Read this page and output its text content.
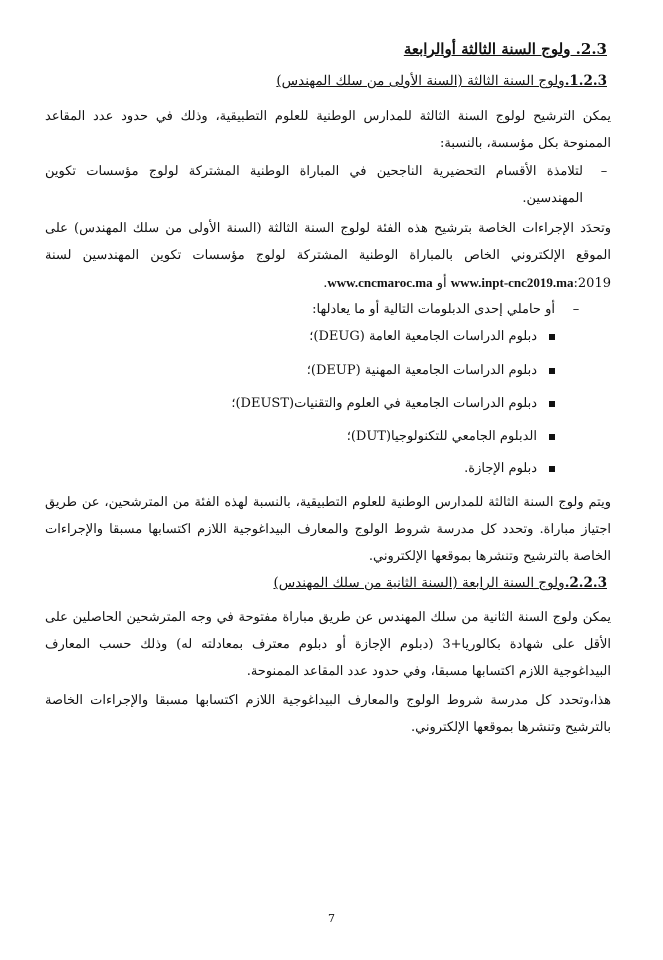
2.3. ولوج السنة الثالثة أوالرابعة
1.2.3.ولوج السنة الثالثة (السنة الأولى من سلك المهندس)
يمكن الترشيح لولوج السنة الثالثة للمدارس الوطنية للعلوم التطبيقية، وذلك في حدود عدد المقاعد الممنوحة بكل مؤسسة، بالنسبة:
–
لتلامذة الأقسام التحضيرية الناجحين في المباراة الوطنية المشتركة لولوج مؤسسات تكوين المهندسين.
وتحدَد الإجراءات الخاصة بترشيح هذه الفئة لولوج السنة الثالثة (السنة الأولى من سلك المهندس) على الموقع الإلكتروني الخاص بالمباراة الوطنية المشتركة لولوج مؤسسات تكوين المهندسين لسنة 2019:www.inpt-cnc2019.ma أو www.cncmaroc.ma.
–
أو حاملي إحدى الدبلومات التالية أو ما يعادلها:
دبلوم الدراسات الجامعية العامة (DEUG)؛
دبلوم الدراسات الجامعية المهنية (DEUP)؛
دبلوم الدراسات الجامعية في العلوم والتقنيات(DEUST)؛
الدبلوم الجامعي للتكنولوجيا(DUT)؛
دبلوم الإجازة.
ويتم ولوج السنة الثالثة للمدارس الوطنية للعلوم التطبيقية، بالنسبة لهذه الفئة من المترشحين، عن طريق اجتياز مباراة. وتحدد كل مدرسة شروط الولوج والمعارف البيداغوجية اللازم اكتسابها مسبقا والإجراءات الخاصة بالترشيح وتنشرها بموقعها الإلكتروني.
2.2.3.ولوج السنة الرابعة (السنة الثانية من سلك المهندس)
يمكن ولوج السنة الثانية من سلك المهندس عن طريق مباراة مفتوحة في وجه المترشحين الحاصلين على الأقل على شهادة بكالوريا+3 (دبلوم الإجازة أو دبلوم معترف بمعادلته له) وذلك حسب المعارف البيداغوجية اللازم اكتسابها مسبقا، وفي حدود عدد المقاعد الممنوحة.
هذا،وتحدد كل مدرسة شروط الولوج والمعارف البيداغوجية اللازم اكتسابها مسبقا والإجراءات الخاصة بالترشيح وتنشرها بموقعها الإلكتروني.
7
